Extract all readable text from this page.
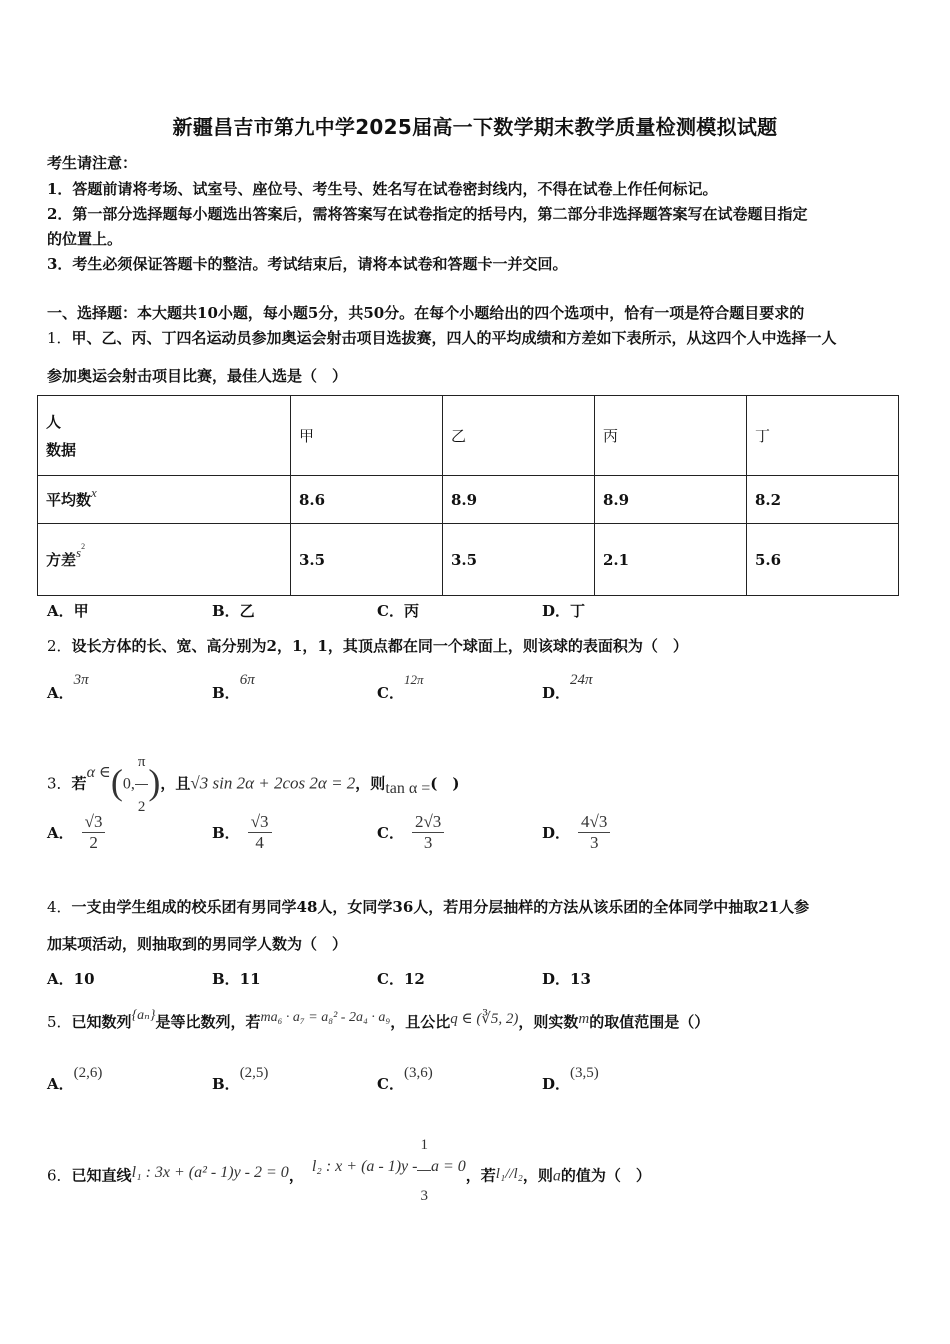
新疆昌吉市第九中学2025届高一下数学期末教学质量检测模拟试题
考生请注意：
1．答题前请将考场、试室号、座位号、考生号、姓名写在试卷密封线内，不得在试卷上作任何标记。
2．第一部分选择题每小题选出答案后，需将答案写在试卷指定的括号内，第二部分非选择题答案写在试卷题目指定
的位置上。
3．考生必须保证答题卡的整洁。考试结束后，请将本试卷和答题卡一并交回。
一、选择题：本大题共10小题，每小题5分，共50分。在每个小题给出的四个选项中，恰有一项是符合题目要求的
1．甲、乙、丙、丁四名运动员参加奥运会射击项目选拔赛，四人的平均成绩和方差如下表所示，从这四个人中选择一人
参加奥运会射击项目比赛，最佳人选是（　）
人
数据	甲	乙	丙	丁
平均数x	8.6	8.9	8.9	8.2
方差$s^2$	3.5	3.5	2.1	5.6
A．甲	B．乙	C．丙	D．丁
2．设长方体的长、宽、高分别为2，1，1，其顶点都在同一个球面上，则该球的表面积为（　）
A．3π
B．6π
C．12π
D．24π
3．若α ∈(0, $\frac{\pi}{2}$ )，且√3 sin 2α + 2cos 2α = 2，则tan α =(　)
A． $\frac{√3}{2}$	B． $\frac{√3}{4}$	C． $\frac{2√3}{3}$	D． $\frac{4√3}{3}$
4．一支由学生组成的校乐团有男同学48人，女同学36人，若用分层抽样的方法从该乐团的全体同学中抽取21人参
加某项活动，则抽取到的男同学人数为（　）
A．10	B．11	C．12	D．13
5．已知数列{aₙ}是等比数列，若ma₆ · a₇ = a₈² - 2a₄ · a₉，且公比q ∈ (∛5, 2)，则实数m的取值范围是（）
A．(2,6)
B．(2,5)
C．(3,6)
D．(3,5)
6．已知直线l₁ : 3x + (a² - 1)y - 2 = 0，l₂ : $x + (a - 1)y - \frac{1}{3}$ a = 0，若l₁//l₂，则a的值为（　）
